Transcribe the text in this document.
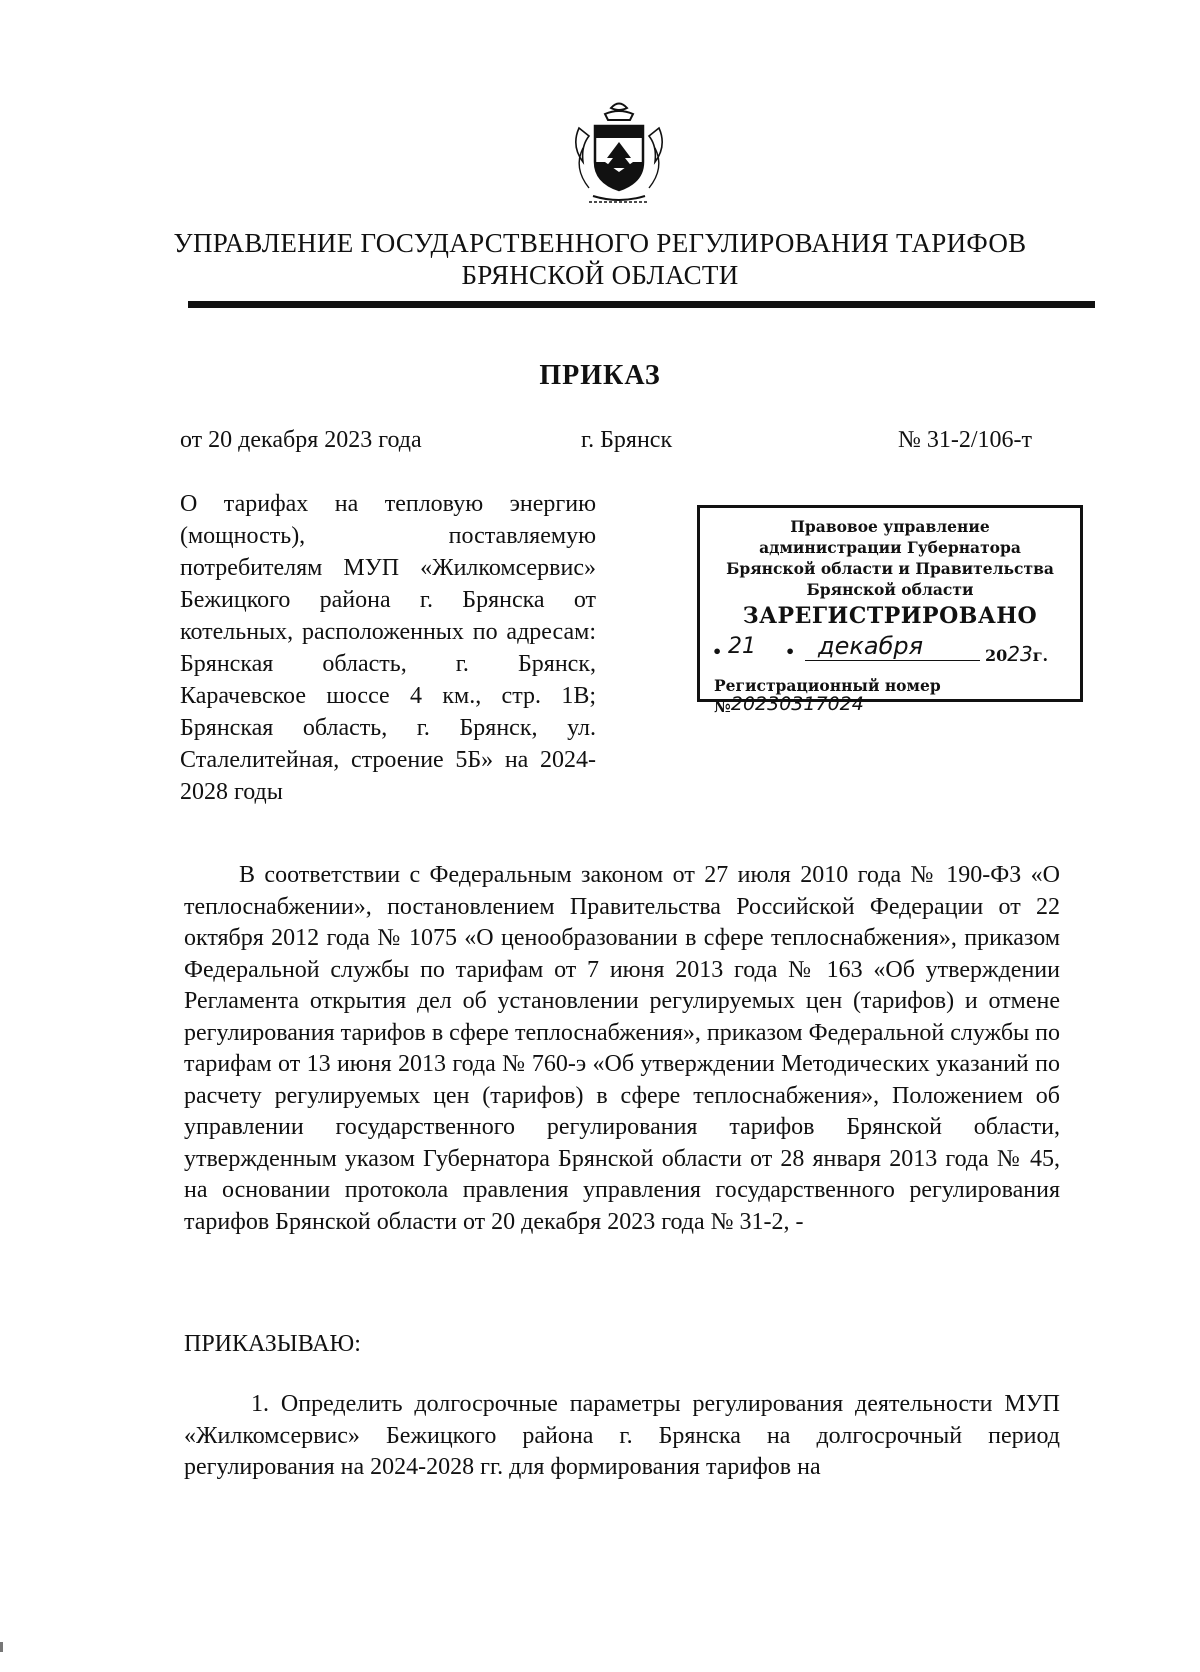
УПРАВЛЕНИЕ ГОСУДАРСТВЕННОГО РЕГУЛИРОВАНИЯ ТАРИФОВ
БРЯНСКОЙ ОБЛАСТИ
ПРИКАЗ
от 20 декабря 2023 года	г. Брянск	№ 31-2/106-т
О тарифах на тепловую энергию (мощность), поставляемую потребителям МУП «Жилкомсервис» Бежицкого района г. Брянска от котельных, расположенных по адресам: Брянская область, г. Брянск, Карачевское шоссе 4 км., стр. 1В; Брянская область, г. Брянск, ул. Сталелитейная, строение 5Б» на 2024-2028 годы
Правовое управление
администрации Губернатора
Брянской области и Правительства
Брянской области
ЗАРЕГИСТРИРОВАНО
• 21 • декабря	2023г.
Регистрационный номер №20230317024
В соответствии с Федеральным законом от 27 июля 2010 года № 190-ФЗ «О теплоснабжении», постановлением Правительства Российской Федерации от 22 октября 2012 года № 1075 «О ценообразовании в сфере теплоснабжения», приказом Федеральной службы по тарифам от 7 июня 2013 года № 163 «Об утверждении Регламента открытия дел об установлении регулируемых цен (тарифов) и отмене регулирования тарифов в сфере теплоснабжения», приказом Федеральной службы по тарифам от 13 июня 2013 года № 760-э «Об утверждении Методических указаний по расчету регулируемых цен (тарифов) в сфере теплоснабжения», Положением об управлении государственного регулирования тарифов Брянской области, утвержденным указом Губернатора Брянской области от 28 января 2013 года № 45, на основании протокола правления управления государственного регулирования тарифов Брянской области от 20 декабря 2023 года № 31-2, -
ПРИКАЗЫВАЮ:
1. Определить долгосрочные параметры регулирования деятельности МУП «Жилкомсервис» Бежицкого района г. Брянска на долгосрочный период регулирования на 2024-2028 гг. для формирования тарифов на
